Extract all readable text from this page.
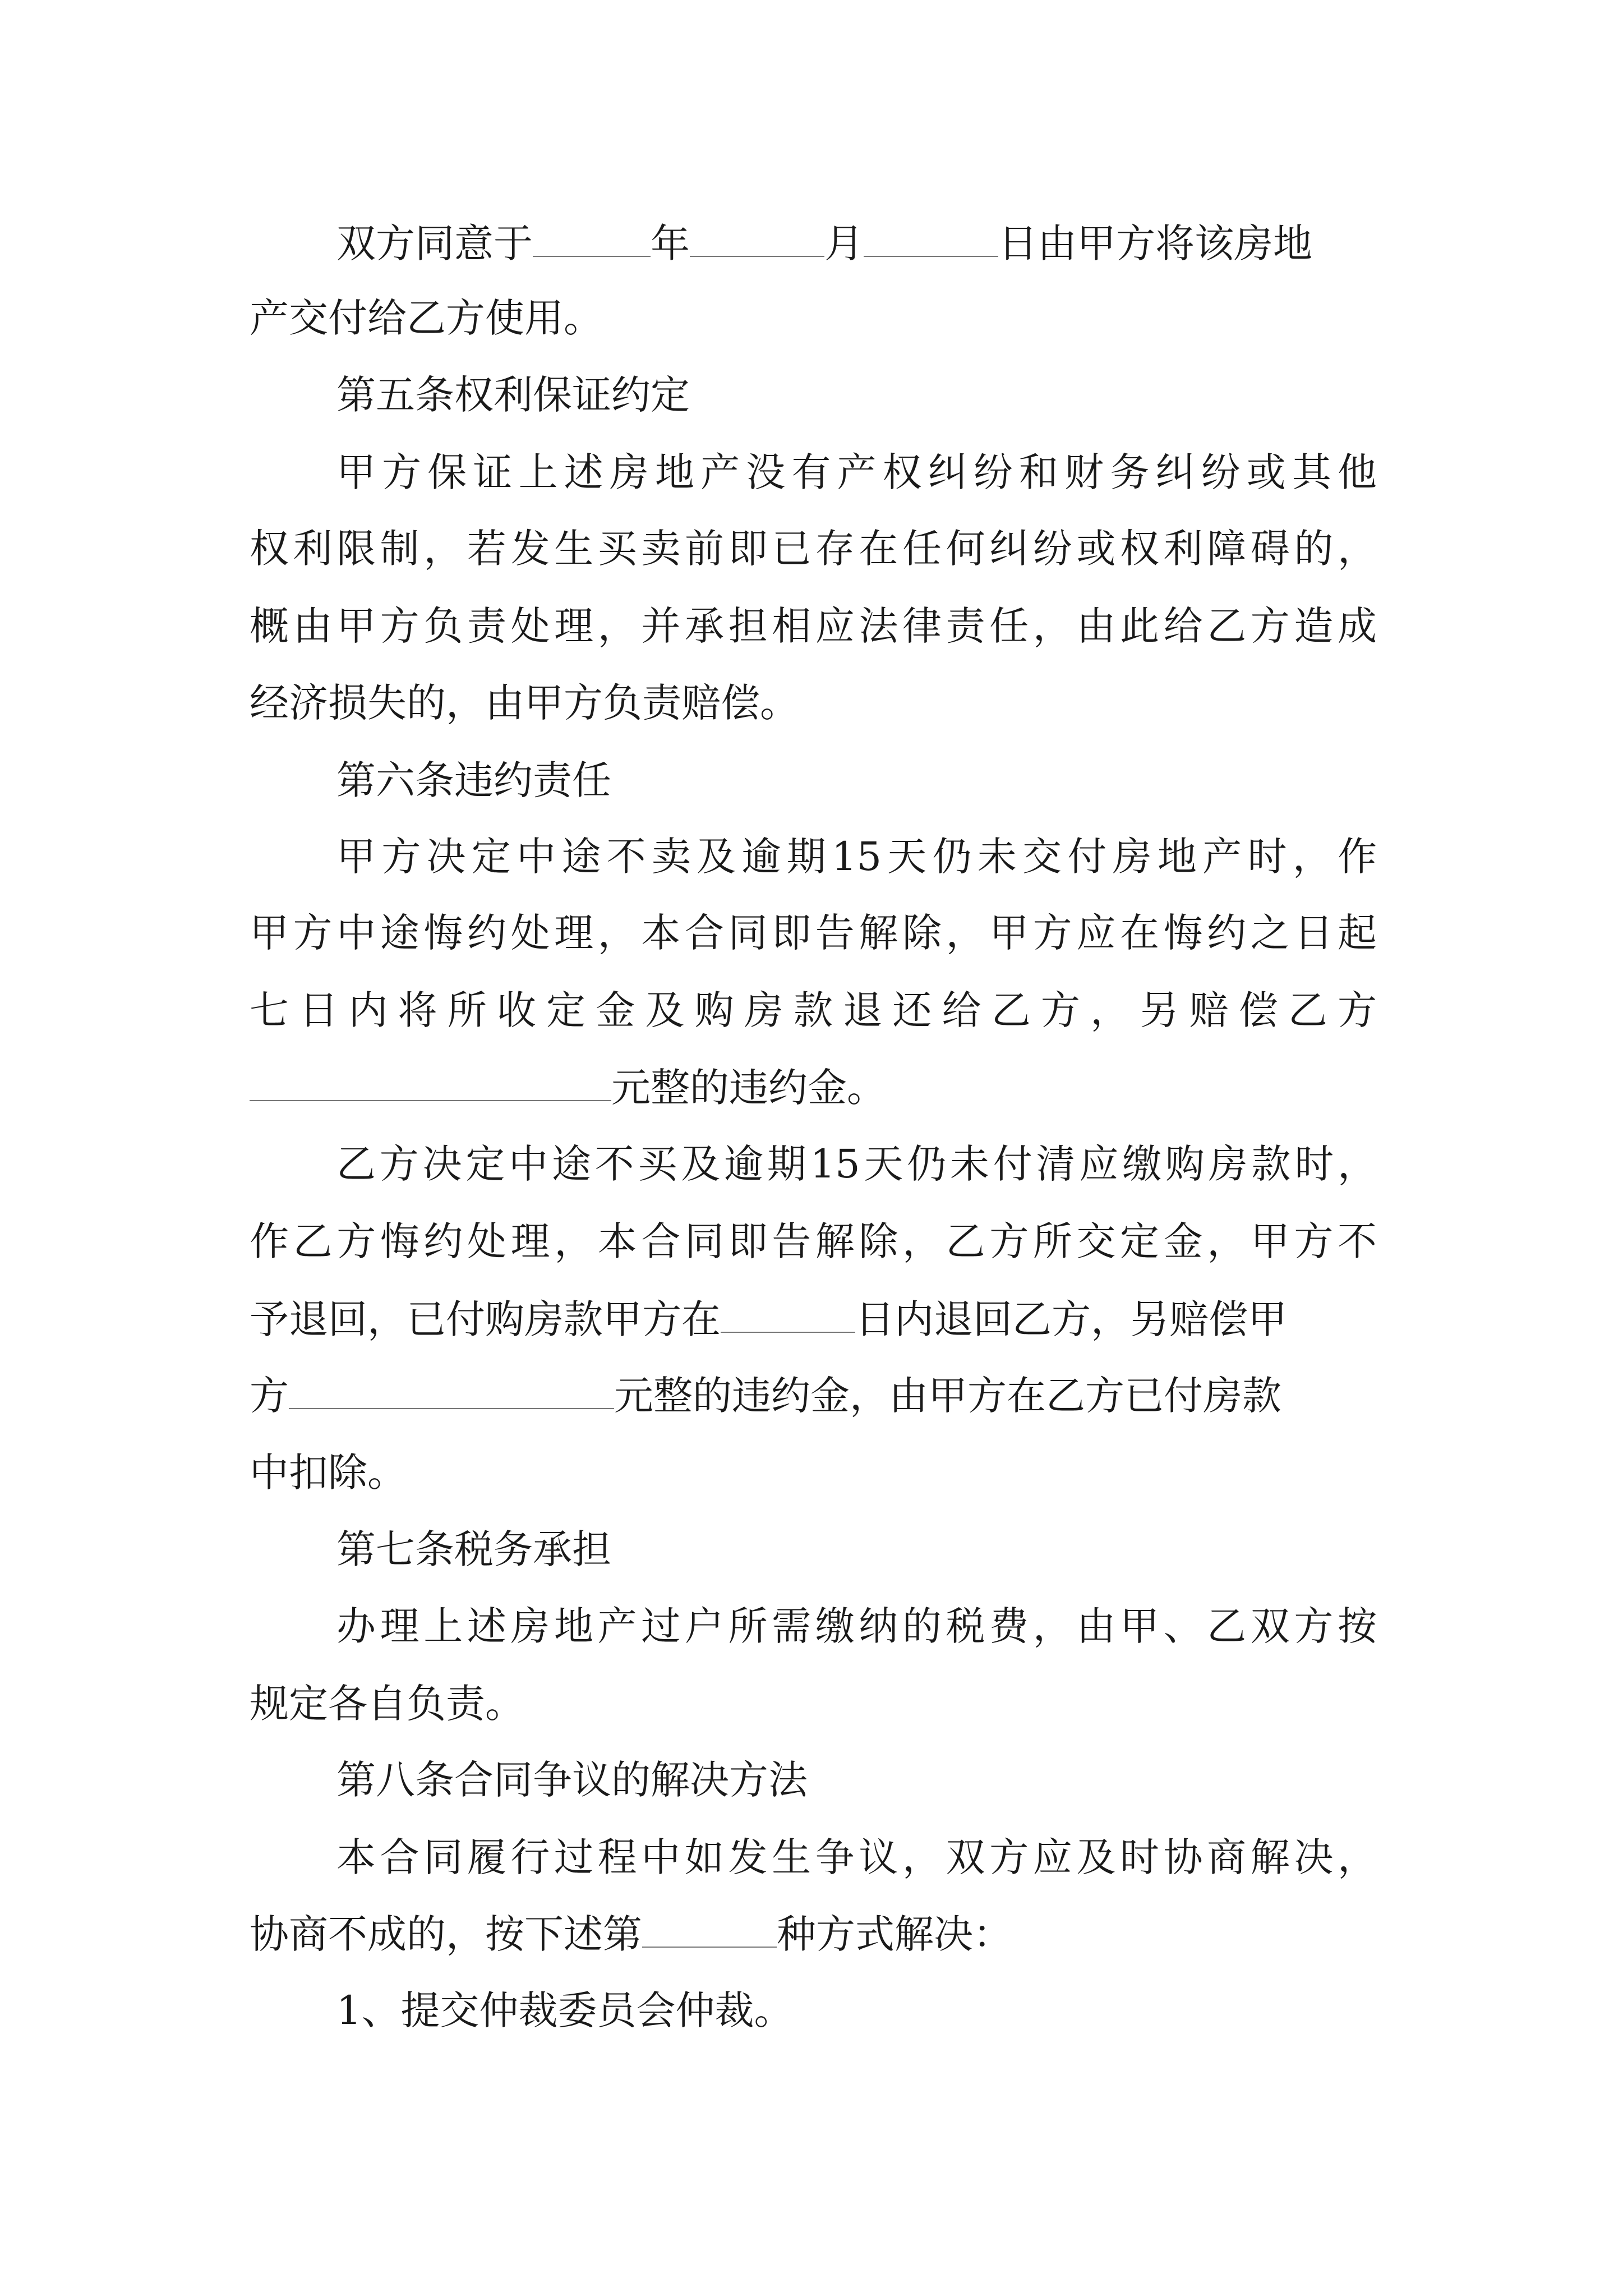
双方同意于	年	月	日由甲方将该房地
产交付给乙方使用。
第五条权利保证约定
甲方保证上述房地产没有产权纠纷和财务纠纷或其他
权利限制，若发生买卖前即已存在任何纠纷或权利障碍的，
概由甲方负责处理，并承担相应法律责任，由此给乙方造成
经济损失的，由甲方负责赔偿。
第六条违约责任
甲方决定中途不卖及逾期15天仍未交付房地产时，作
甲方中途悔约处理，本合同即告解除，甲方应在悔约之日起
七日内将所收定金及购房款退还给乙方，另赔偿乙方
元整的违约金。
乙方决定中途不买及逾期15天仍未付清应缴购房款时，
作乙方悔约处理，本合同即告解除，乙方所交定金，甲方不
予退回，已付购房款甲方在	日内退回乙方，另赔偿甲
方	元整的违约金，由甲方在乙方已付房款
中扣除。
第七条税务承担
办理上述房地产过户所需缴纳的税费，由甲、乙双方按
规定各自负责。
第八条合同争议的解决方法
本合同履行过程中如发生争议，双方应及时协商解决，
协商不成的，按下述第	种方式解决：
1、提交仲裁委员会仲裁。
